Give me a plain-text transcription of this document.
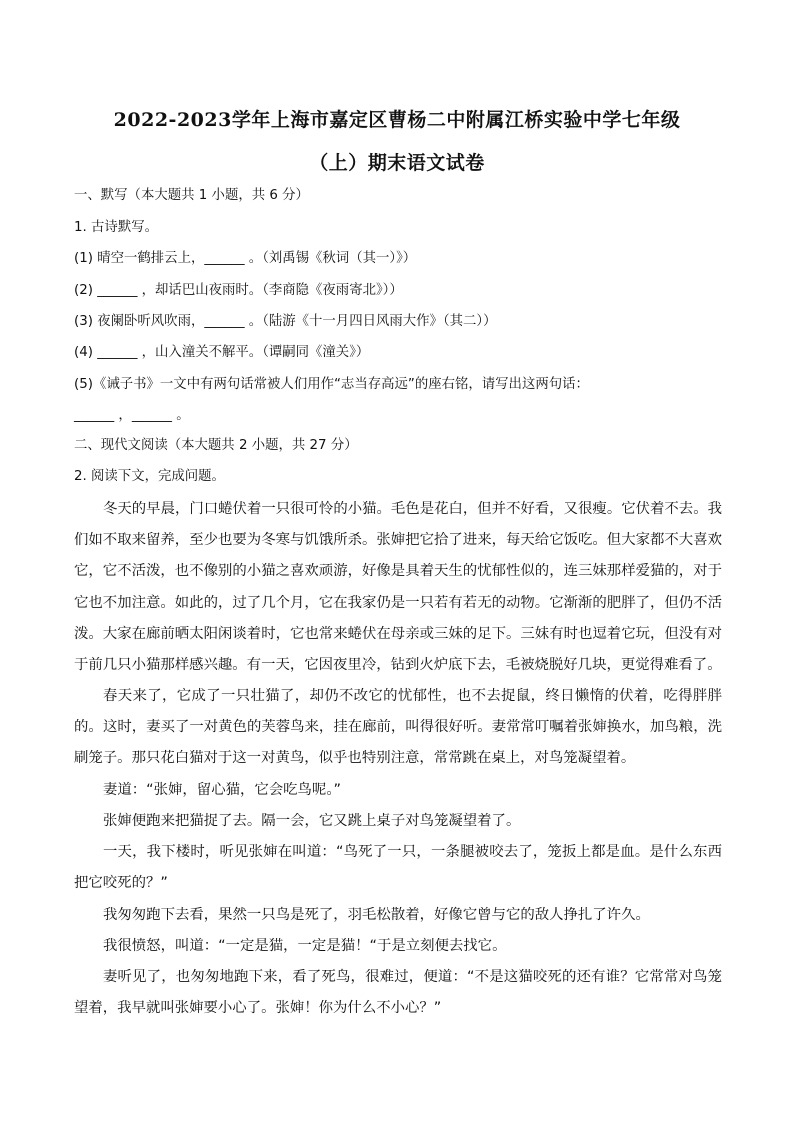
2022-2023学年上海市嘉定区曹杨二中附属江桥实验中学七年级
（上）期末语文试卷
一、默写（本大题共 1 小题，共 6 分）
1. 古诗默写。
(1) 晴空一鹤排云上，______ 。（刘禹锡《秋词（其一）》）
(2) ______ ，却话巴山夜雨时。（李商隐《夜雨寄北》））
(3) 夜阑卧听风吹雨，______ 。（陆游《十一月四日风雨大作》（其二））
(4) ______ ，山入潼关不解平。（谭嗣同《潼关》）
(5)《诫子书》一文中有两句话常被人们用作“志当存高远”的座右铭，请写出这两句话：
______ ，______ 。
二、现代文阅读（本大题共 2 小题，共 27 分）
2. 阅读下文，完成问题。
冬天的早晨，门口蜷伏着一只很可怜的小猫。毛色是花白，但并不好看，又很瘦。它伏着不去。我们如不取来留养，至少也要为冬寒与饥饿所杀。张婶把它拾了进来，每天给它饭吃。但大家都不大喜欢它，它不活泼，也不像别的小猫之喜欢顽游，好像是具着天生的忧郁性似的，连三妹那样爱猫的，对于它也不加注意。如此的，过了几个月，它在我家仍是一只若有若无的动物。它渐渐的肥胖了，但仍不活泼。大家在廊前晒太阳闲谈着时，它也常来蜷伏在母亲或三妹的足下。三妹有时也逗着它玩，但没有对于前几只小猫那样感兴趣。有一天，它因夜里冷，钻到火炉底下去，毛被烧脱好几块，更觉得难看了。
春天来了，它成了一只壮猫了，却仍不改它的忧郁性，也不去捉鼠，终日懒惰的伏着，吃得胖胖的。 这时，妻买了一对黄色的芙蓉鸟来，挂在廊前，叫得很好听。妻常常叮嘱着张婶换水，加鸟粮，洗刷笼子。那只花白猫对于这一对黄鸟，似乎也特别注意，常常跳在桌上，对鸟笼凝望着。
妻道：“张婶，留心猫，它会吃鸟呢。”
张婶便跑来把猫捉了去。隔一会，它又跳上桌子对鸟笼凝望着了。
一天，我下楼时，听见张婶在叫道：“鸟死了一只，一条腿被咬去了，笼扳上都是血。是什么东西把它咬死的？”
我匆匆跑下去看，果然一只鸟是死了，羽毛松散着，好像它曾与它的敌人挣扎了许久。
我很愤怒，叫道：“一定是猫，一定是猫！“于是立刻便去找它。
妻听见了，也匆匆地跑下来，看了死鸟，很难过，便道：“不是这猫咬死的还有谁？它常常对鸟笼望着，我早就叫张婶要小心了。张婶！你为什么不小心？”
